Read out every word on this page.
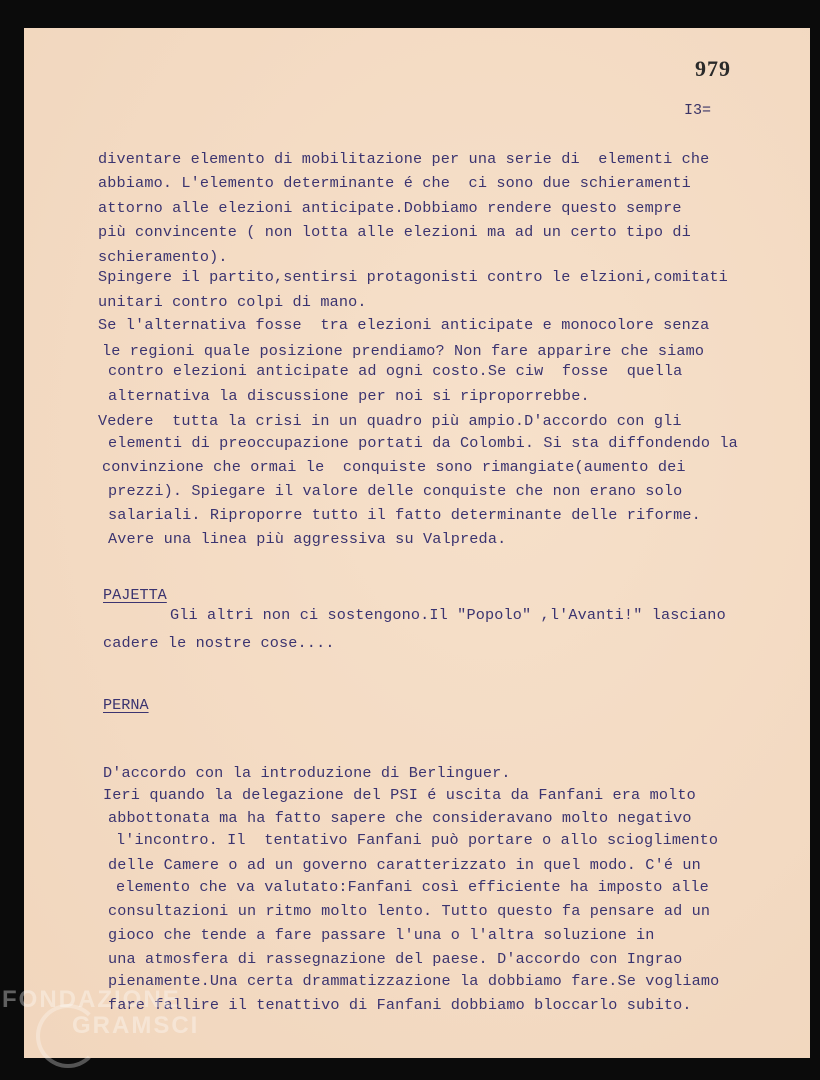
979
I3=
diventare elemento di mobilitazione per una serie di  elementi che
abbiamo. L'elemento determinante é che  ci sono due schieramenti
attorno alle elezioni anticipate.Dobbiamo rendere questo sempre
più convincente ( non lotta alle elezioni ma ad un certo tipo di
schieramento).
Spingere il partito,sentirsi protagonisti contro le elzioni,comitati
unitari contro colpi di mano.
Se l'alternativa fosse  tra elezioni anticipate e monocolore senza
le regioni quale posizione prendiamo? Non fare apparire che siamo
contro elezioni anticipate ad ogni costo.Se ciw  fosse  quella
alternativa la discussione per noi si riproporrebbe.
Vedere  tutta la crisi in un quadro più ampio.D'accordo con gli
elementi di preoccupazione portati da Colombi. Si sta diffondendo la
convinzione che ormai le  conquiste sono rimangiate(aumento dei
prezzi). Spiegare il valore delle conquiste che non erano solo
salariali. Riproporre tutto il fatto determinante delle riforme.
Avere una linea più aggressiva su Valpreda.
PAJETTA
Gli altri non ci sostengono.Il "Popolo" ,l'Avanti!" lasciano
cadere le nostre cose....
PERNA
D'accordo con la introduzione di Berlinguer.
Ieri quando la delegazione del PSI é uscita da Fanfani era molto
abbottonata ma ha fatto sapere che consideravano molto negativo
l'incontro. Il  tentativo Fanfani può portare o allo scioglimento
delle Camere o ad un governo caratterizzato in quel modo. C'é un
elemento che va valutato:Fanfani così efficiente ha imposto alle
consultazioni un ritmo molto lento. Tutto questo fa pensare ad un
gioco che tende a fare passare l'una o l'altra soluzione in
una atmosfera di rassegnazione del paese. D'accordo con Ingrao
pienamente.Una certa drammatizzazione la dobbiamo fare.Se vogliamo
fare fallire il tenattivo di Fanfani dobbiamo bloccarlo subito.
FONDAZIONE
GRAMSCI
